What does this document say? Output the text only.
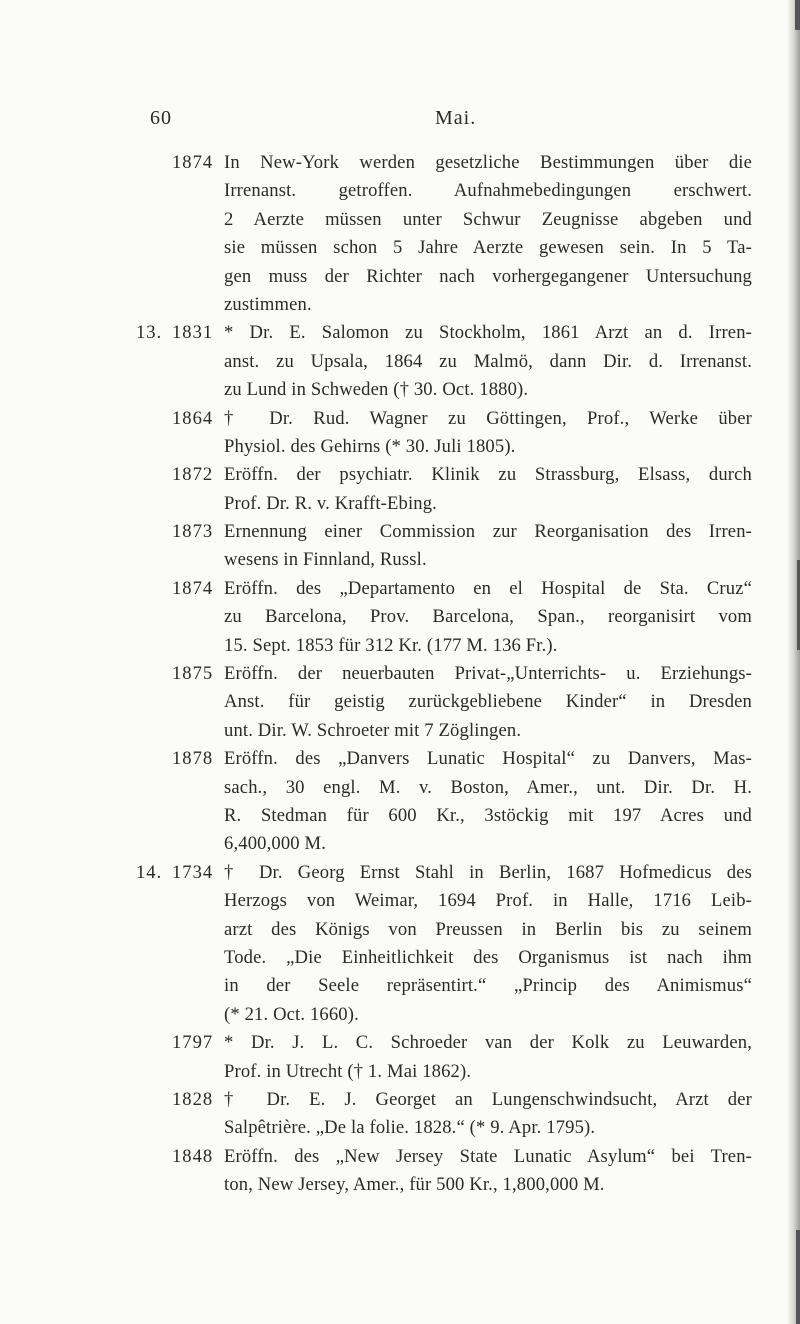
60	Mai.
1874 In New-York werden gesetzliche Bestimmungen über die
Irrenanst. getroffen. Aufnahmebedingungen erschwert.
2 Aerzte müssen unter Schwur Zeugnisse abgeben und
sie müssen schon 5 Jahre Aerzte gewesen sein. In 5 Ta-
gen muss der Richter nach vorhergegangener Untersuchung
zustimmen.
13. 1831 * Dr. E. Salomon zu Stockholm, 1861 Arzt an d. Irren-
anst. zu Upsala, 1864 zu Malmö, dann Dir. d. Irrenanst.
zu Lund in Schweden († 30. Oct. 1880).
1864 † Dr. Rud. Wagner zu Göttingen, Prof., Werke über
Physiol. des Gehirns (* 30. Juli 1805).
1872 Eröffn. der psychiatr. Klinik zu Strassburg, Elsass, durch
Prof. Dr. R. v. Krafft-Ebing.
1873 Ernennung einer Commission zur Reorganisation des Irren-
wesens in Finnland, Russl.
1874 Eröffn. des „Departamento en el Hospital de Sta. Cruz“
zu Barcelona, Prov. Barcelona, Span., reorganisirt vom
15. Sept. 1853 für 312 Kr. (177 M. 136 Fr.).
1875 Eröffn. der neuerbauten Privat-„Unterrichts- u. Erziehungs-
Anst. für geistig zurückgebliebene Kinder“ in Dresden
unt. Dir. W. Schroeter mit 7 Zöglingen.
1878 Eröffn. des „Danvers Lunatic Hospital“ zu Danvers, Mas-
sach., 30 engl. M. v. Boston, Amer., unt. Dir. Dr. H.
R. Stedman für 600 Kr., 3stöckig mit 197 Acres und
6,400,000 M.
14. 1734 † Dr. Georg Ernst Stahl in Berlin, 1687 Hofmedicus des
Herzogs von Weimar, 1694 Prof. in Halle, 1716 Leib-
arzt des Königs von Preussen in Berlin bis zu seinem
Tode. „Die Einheitlichkeit des Organismus ist nach ihm
in der Seele repräsentirt.“ „Princip des Animismus“
(* 21. Oct. 1660).
1797 * Dr. J. L. C. Schroeder van der Kolk zu Leuwarden,
Prof. in Utrecht († 1. Mai 1862).
1828 † Dr. E. J. Georget an Lungenschwindsucht, Arzt der
Salpêtrière. „De la folie. 1828.“ (* 9. Apr. 1795).
1848 Eröffn. des „New Jersey State Lunatic Asylum“ bei Tren-
ton, New Jersey, Amer., für 500 Kr., 1,800,000 M.
